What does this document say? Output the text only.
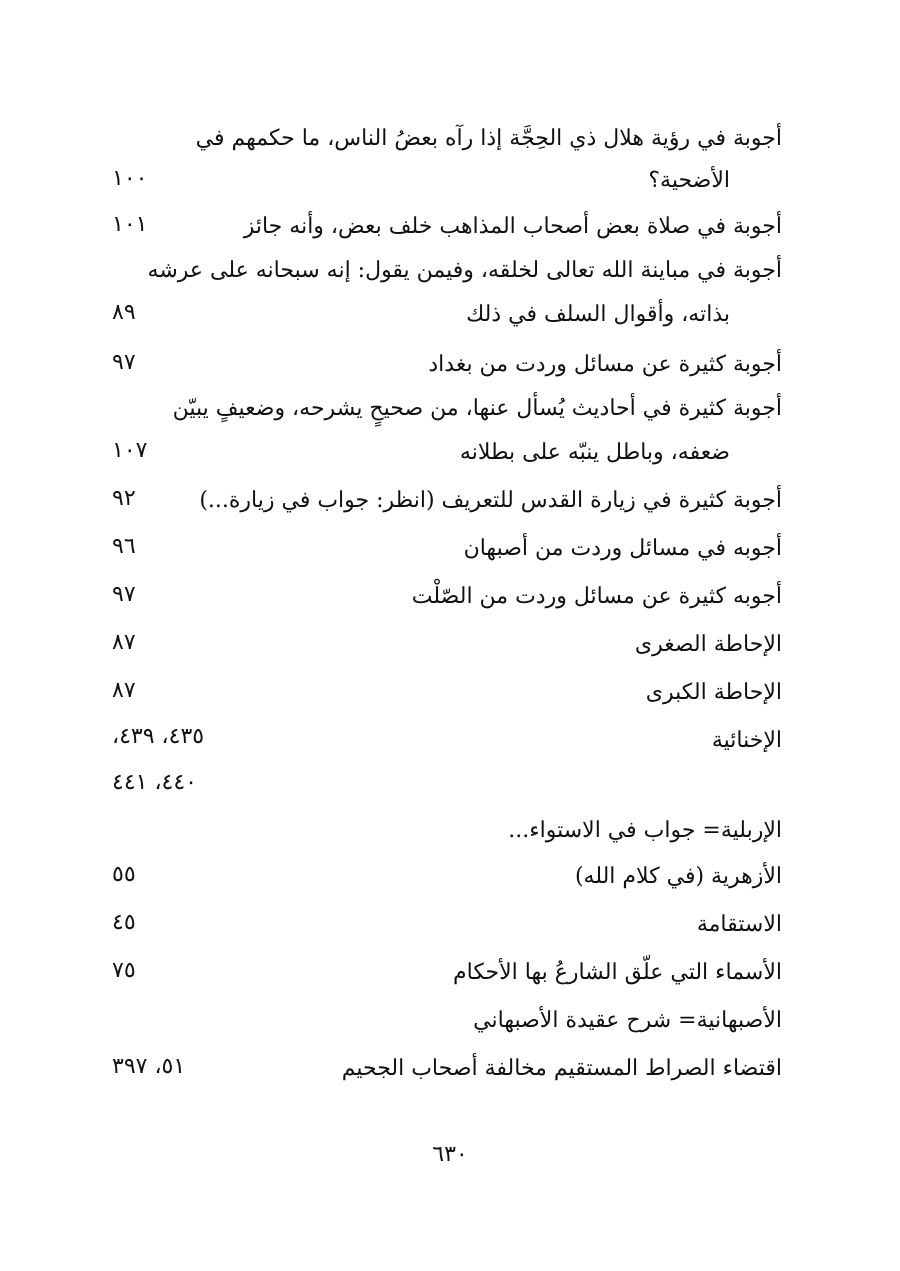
أجوبة في رؤية هلال ذي الحِجَّة إذا رآه بعضُ الناس، ما حكمهم في
الأضحية؟
١٠٠
أجوبة في صلاة بعض أصحاب المذاهب خلف بعض، وأنه جائز
١٠١
أجوبة في مباينة الله تعالى لخلقه، وفيمن يقول: إنه سبحانه على عرشه
بذاته، وأقوال السلف في ذلك
٨٩
أجوبة كثيرة عن مسائل وردت من بغداد
٩٧
أجوبة كثيرة في أحاديث يُسأل عنها، من صحيحٍ يشرحه، وضعيفٍ يبيّن
ضعفه، وباطل ينبّه على بطلانه
١٠٧
أجوبة كثيرة في زيارة القدس للتعريف (انظر: جواب في زيارة...)
٩٢
أجوبه في مسائل وردت من أصبهان
٩٦
أجوبه كثيرة عن مسائل وردت من الصّلْت
٩٧
الإحاطة الصغرى
٨٧
الإحاطة الكبرى
٨٧
الإخنائية
٤٣٥، ٤٣٩،
٤٤٠، ٤٤١
الإربلية= جواب في الاستواء...
الأزهرية (في كلام الله)
٥٥
الاستقامة
٤٥
الأسماء التي علّق الشارعُ بها الأحكام
٧٥
الأصبهانية= شرح عقيدة الأصبهاني
اقتضاء الصراط المستقيم مخالفة أصحاب الجحيم
٥١، ٣٩٧
٦٣٠
